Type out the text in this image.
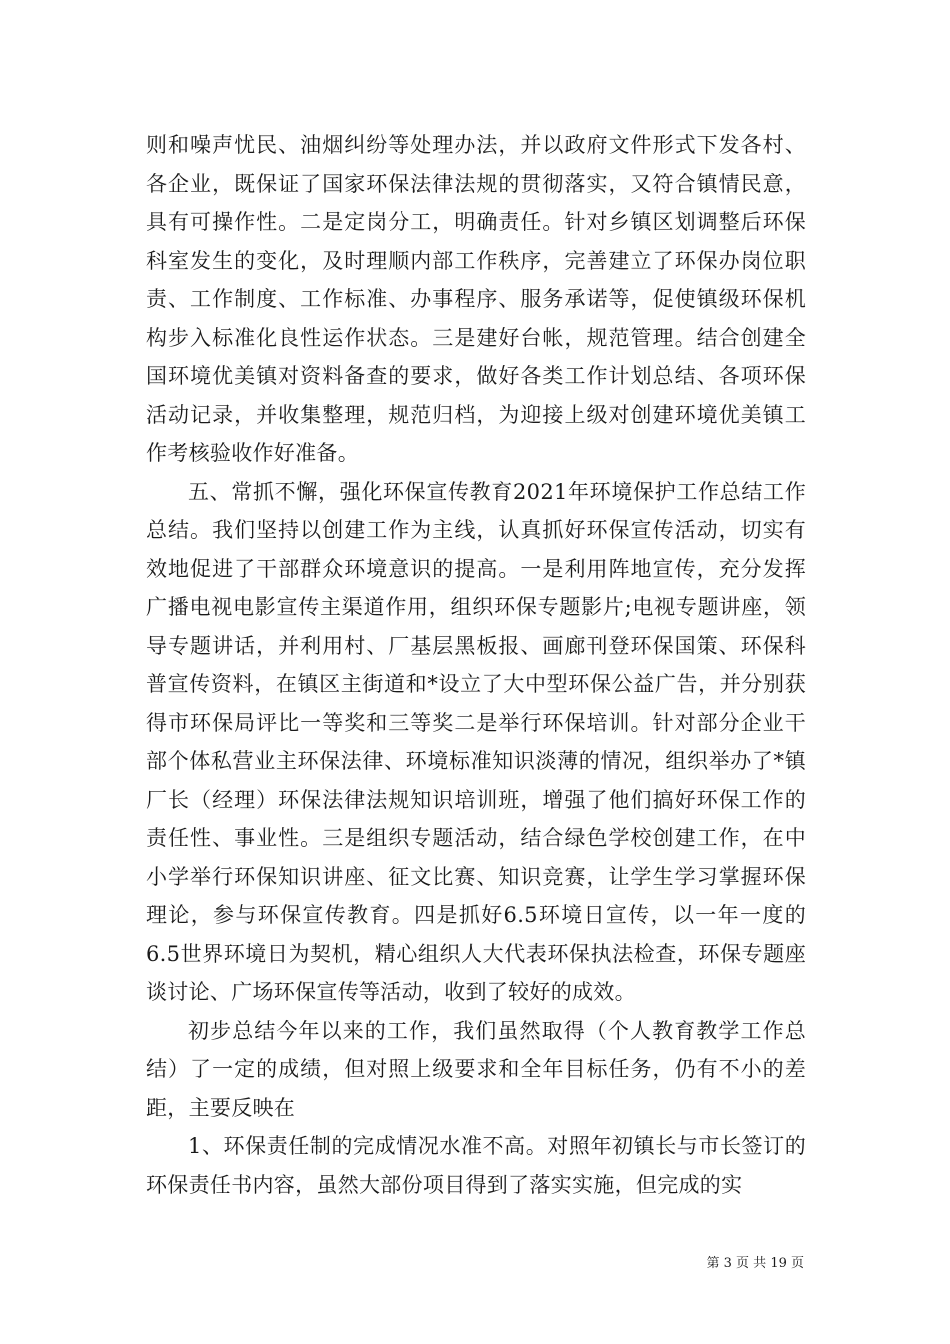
则和噪声忧民、油烟纠纷等处理办法，并以政府文件形式下发各村、各企业，既保证了国家环保法律法规的贯彻落实，又符合镇情民意，具有可操作性。二是定岗分工，明确责任。针对乡镇区划调整后环保科室发生的变化，及时理顺内部工作秩序，完善建立了环保办岗位职责、工作制度、工作标准、办事程序、服务承诺等，促使镇级环保机构步入标准化良性运作状态。三是建好台帐，规范管理。结合创建全国环境优美镇对资料备查的要求，做好各类工作计划总结、各项环保活动记录，并收集整理，规范归档，为迎接上级对创建环境优美镇工作考核验收作好准备。

五、常抓不懈，强化环保宣传教育2021年环境保护工作总结工作总结。我们坚持以创建工作为主线，认真抓好环保宣传活动，切实有效地促进了干部群众环境意识的提高。一是利用阵地宣传，充分发挥广播电视电影宣传主渠道作用，组织环保专题影片;电视专题讲座，领导专题讲话，并利用村、厂基层黑板报、画廊刊登环保国策、环保科普宣传资料，在镇区主街道和*设立了大中型环保公益广告，并分别获得市环保局评比一等奖和三等奖二是举行环保培训。针对部分企业干部个体私营业主环保法律、环境标准知识淡薄的情况，组织举办了*镇厂长（经理）环保法律法规知识培训班，增强了他们搞好环保工作的责任性、事业性。三是组织专题活动，结合绿色学校创建工作，在中小学举行环保知识讲座、征文比赛、知识竞赛，让学生学习掌握环保理论，参与环保宣传教育。四是抓好6.5环境日宣传，以一年一度的6.5世界环境日为契机，精心组织人大代表环保执法检查，环保专题座谈讨论、广场环保宣传等活动，收到了较好的成效。

初步总结今年以来的工作，我们虽然取得（个人教育教学工作总结）了一定的成绩，但对照上级要求和全年目标任务，仍有不小的差距，主要反映在

1、环保责任制的完成情况水准不高。对照年初镇长与市长签订的环保责任书内容，虽然大部份项目得到了落实实施，但完成的实

第 3 页 共 19 页
